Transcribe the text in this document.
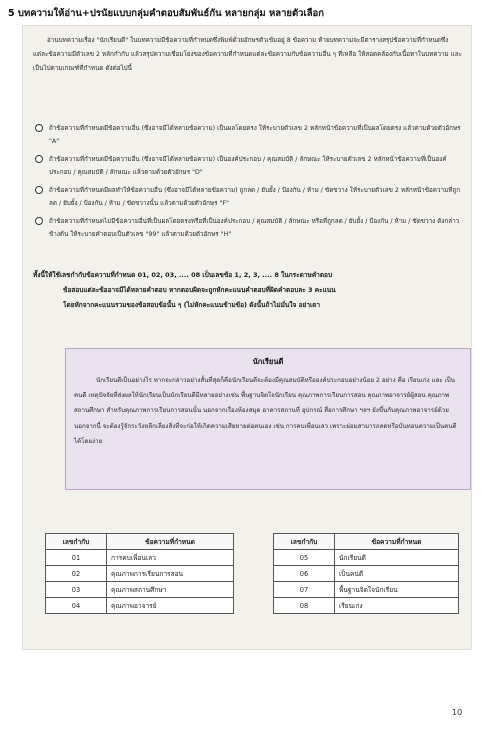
5 บทความให้อ่าน+ปรนัยแบบกลุ่มคำตอบสัมพันธ์กัน หลายกลุ่ม หลายตัวเลือก

อ่านบทความเรื่อง "นักเรียนดี" ในบทความมีข้อความที่กำหนดซึ่งพิมพ์ด้วยอักษรตัวเข้มอยู่ 8 ข้อความ ท้ายบทความจะมีตารางสรุปข้อความที่กำหนดซึ่งแต่ละข้อความมีตัวเลข 2 หลักกำกับ แล้วสรุปความเชื่อมโยงของข้อความที่กำหนดแต่ละข้อความกับข้อความอื่น ๆ ที่เหลือ ให้สอดคล้องกับเนื้อหาในบทความ และเป็นไปตามเกณฑ์ที่กำหนด ดังต่อไปนี้

ถ้าข้อความที่กำหนดมีข้อความอื่น (ซึ่งอาจมีได้หลายข้อความ) เป็นผลโดยตรง ให้ระบายตัวเลข 2 หลักหน้าข้อความที่เป็นผลโดยตรง แล้วตามด้วยตัวอักษร "A"
ถ้าข้อความที่กำหนดมีข้อความอื่น (ซึ่งอาจมีได้หลายข้อความ) เป็นองค์ประกอบ / คุณสมบัติ / ลักษณะ ให้ระบายตัวเลข 2 หลักหน้าข้อความที่เป็นองค์ประกอบ / คุณสมบัติ / ลักษณะ แล้วตามด้วยตัวอักษร "D"
ถ้าข้อความที่กำหนดมีผลทำให้ข้อความอื่น (ซึ่งอาจมีได้หลายข้อความ) ถูกลด / ยับยั้ง / ป้องกัน / ห้าม / ขัดขวาง ให้ระบายตัวเลข 2 หลักหน้าข้อความที่ถูกลด / ยับยั้ง / ป้องกัน / ห้าม / ขัดขวางนั้น แล้วตามด้วยตัวอักษร "F"
ถ้าข้อความที่กำหนดไม่มีข้อความอื่นที่เป็นผลโดยตรงหรือที่เป็นองค์ประกอบ / คุณสมบัติ / ลักษณะ หรือที่ถูกลด / ยับยั้ง / ป้องกัน / ห้าม / ขัดขวาง ดังกล่าวข้างต้น ให้ระบายคำตอบเป็นตัวเลข "99" แล้วตามด้วยตัวอักษร "H"
ทั้งนี้ให้ใช้เลขกำกับข้อความที่กำหนด 01, 02, 03, .... 08 เป็นเลขข้อ 1, 2, 3, .... 8 ในกระดาษคำตอบ
ข้อสอบแต่ละข้ออาจมีได้หลายคำตอบ หากตอบผิดจะถูกหักคะแนนคำตอบที่ผิดคำตอบละ 3 คะแนน
โดยหักจากคะแนนรวมของข้อสอบข้อนั้น ๆ (ไม่หักคะแนนข้ามข้อ) ดังนั้นถ้าไม่มั่นใจ อย่าเดา
นักเรียนดี
นักเรียนดีเป็นอย่างไร หากจะกล่าวอย่างสั้นที่สุดก็คือนักเรียนดีจะต้องมีคุณสมบัติหรือองค์ประกอบอย่างน้อย 2 อย่าง คือ เรียนเก่ง และ เป็นคนดี เหตุปัจจัยที่ส่งผลให้นักเรียนเป็นนักเรียนดีมีหลายอย่างเช่น พื้นฐานจิตใจนักเรียน คุณภาพการเรียนการสอน คุณภาพอาจารย์ผู้สอน คุณภาพสถานศึกษา สำหรับคุณภาพการเรียนการสอนนั้น นอกจากเรื่องห้องสมุด อาคารสถานที่ อุปกรณ์ สื่อการศึกษา ฯลฯ ยังขึ้นกับคุณภาพอาจารย์ด้วย นอกจากนี้ จะต้องรู้จักระวังหลีกเลี่ยงสิ่งที่จะก่อให้เกิดความเสียหายต่อตนเอง เช่น การคบเพื่อนเลว เพราะย่อมสามารถลดหรือบั่นทอนความเป็นคนดีได้โดยง่าย
เลขกำกับ	ข้อความที่กำหนด
01	การคบเพื่อนเลว
02	คุณภาพการเรียนการสอน
03	คุณภาพสถานศึกษา
04	คุณภาพอาจารย์
เลขกำกับ	ข้อความที่กำหนด
05	นักเรียนดี
06	เป็นคนดี
07	พื้นฐานจิตใจนักเรียน
08	เรียนเก่ง
10
